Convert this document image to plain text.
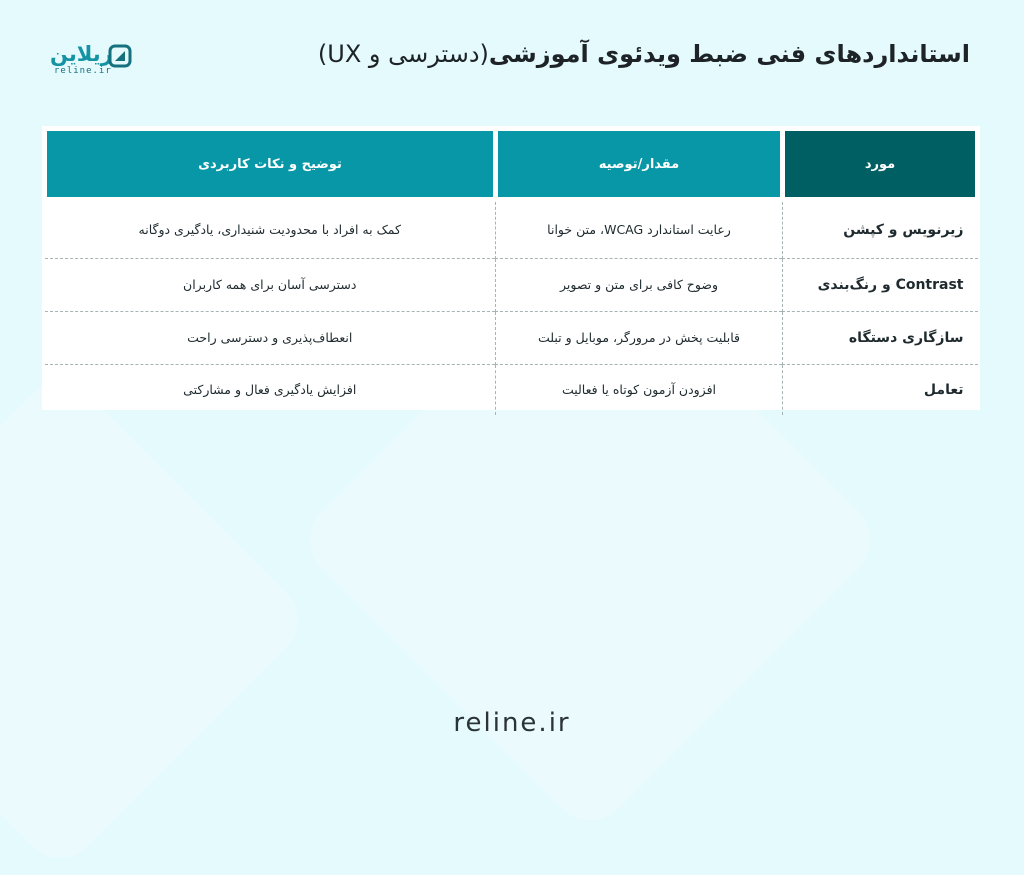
ریلاین
reline.ir
استانداردهای فنی ضبط ویدئوی آموزشی(دسترسی و UX)
مورد	مقدار/توصیه	توضیح و نکات کاربردی
زیرنویس و کپشن	رعایت استاندارد WCAG، متن خوانا	کمک به افراد با محدودیت شنیداری، یادگیری دوگانه
Contrast و رنگ‌بندی	وضوح کافی برای متن و تصویر	دسترسی آسان برای همه کاربران
سازگاری دستگاه	قابلیت پخش در مرورگر، موبایل و تبلت	انعطاف‌پذیری و دسترسی راحت
تعامل	افزودن آزمون کوتاه یا فعالیت	افزایش یادگیری فعال و مشارکتی
reline.ir
